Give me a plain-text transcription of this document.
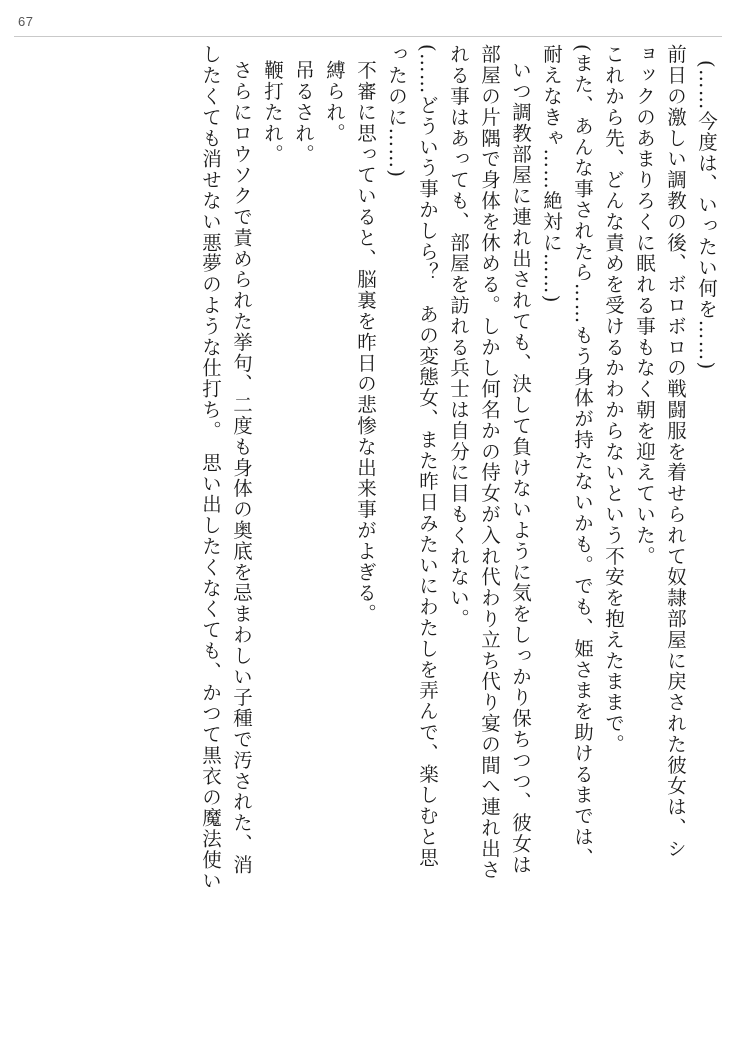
67
(……今度は、いったい何を……)
前日の激しい調教の後、ボロボロの戦闘服を着せられて奴隷部屋に戻された彼女は、シ
ョックのあまりろくに眠れる事もなく朝を迎えていた。
これから先、どんな責めを受けるかわからないという不安を抱えたままで。
(また、あんな事されたら……もう身体が持たないかも。でも、姫さまを助けるまでは、
耐えなきゃ……絶対に……)
いつ調教部屋に連れ出されても、決して負けないように気をしっかり保ちつつ、彼女は
部屋の片隅で身体を休める。しかし何名かの侍女が入れ代わり立ち代り宴の間へ連れ出さ
れる事はあっても、部屋を訪れる兵士は自分に目もくれない。
(……どういう事かしら？　あの変態女、また昨日みたいにわたしを弄んで、楽しむと思
ったのに……)
不審に思っていると、脳裏を昨日の悲惨な出来事がよぎる。
縛られ。
吊るされ。
鞭打たれ。
さらにロウソクで責められた挙句、二度も身体の奥底を忌まわしい子種で汚された、消
したくても消せない悪夢のような仕打ち。　思い出したくなくても、かつて黒衣の魔法使い
